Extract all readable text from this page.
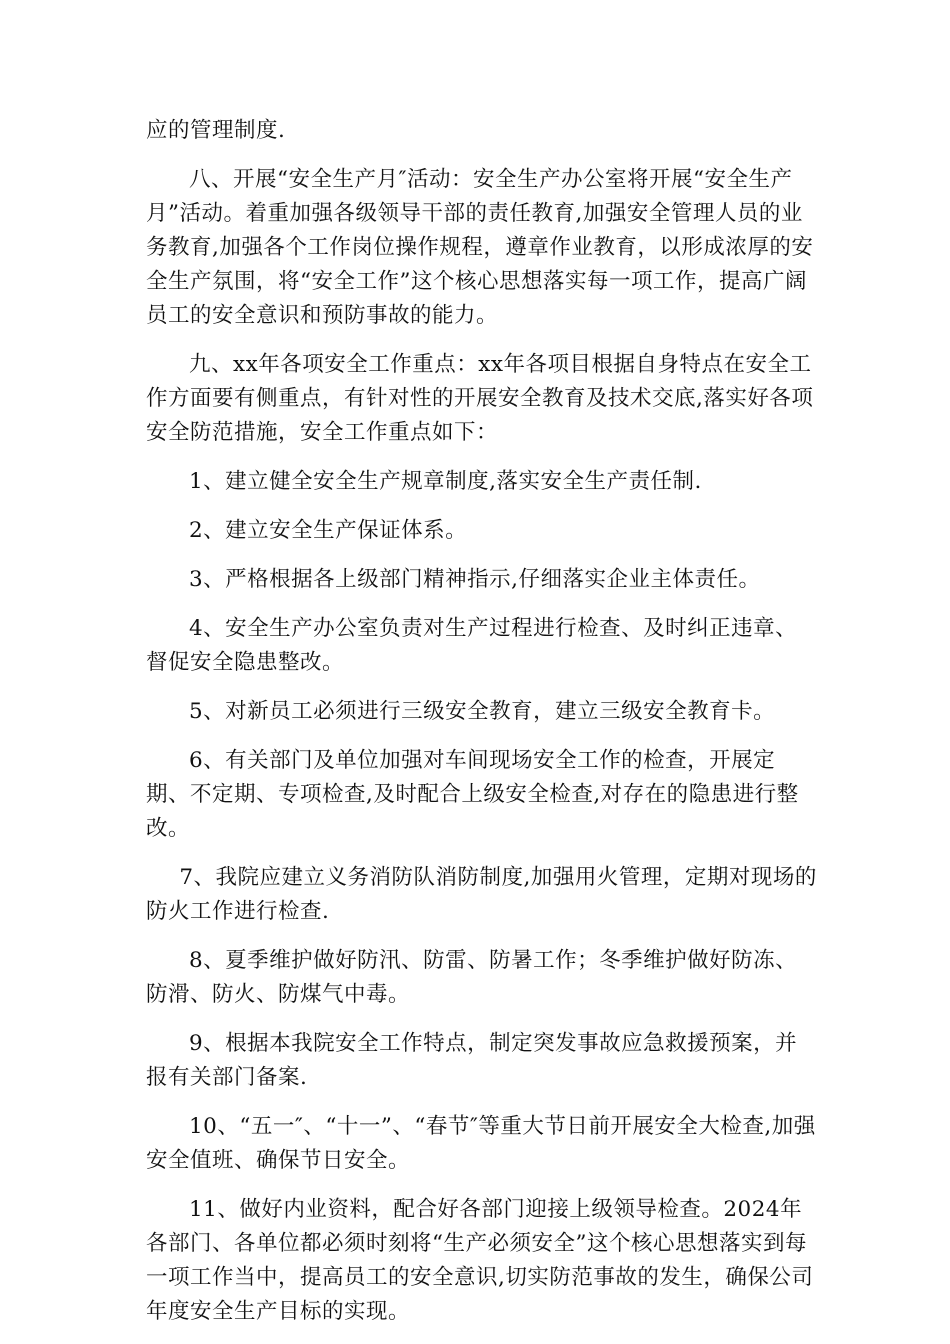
应的管理制度.

八、开展“安全生产月″活动：安全生产办公室将开展“安全生产月”活动。着重加强各级领导干部的责任教育,加强安全管理人员的业务教育,加强各个工作岗位操作规程，遵章作业教育，以形成浓厚的安全生产氛围，将“安全工作”这个核心思想落实每一项工作，提高广阔员工的安全意识和预防事故的能力。

九、xx年各项安全工作重点：xx年各项目根据自身特点在安全工作方面要有侧重点，有针对性的开展安全教育及技术交底,落实好各项安全防范措施，安全工作重点如下：

1、建立健全安全生产规章制度,落实安全生产责任制.

2、建立安全生产保证体系。

3、严格根据各上级部门精神指示,仔细落实企业主体责任。

4、安全生产办公室负责对生产过程进行检查、及时纠正违章、督促安全隐患整改。

5、对新员工必须进行三级安全教育，建立三级安全教育卡。

6、有关部门及单位加强对车间现场安全工作的检查，开展定期、不定期、专项检查,及时配合上级安全检查,对存在的隐患进行整改。

7、我院应建立义务消防队消防制度,加强用火管理，定期对现场的防火工作进行检查.

8、夏季维护做好防汛、防雷、防暑工作；冬季维护做好防冻、防滑、防火、防煤气中毒。

9、根据本我院安全工作特点，制定突发事故应急救援预案，并报有关部门备案.

10、“五一″、“十一”、“春节″等重大节日前开展安全大检查,加强安全值班、确保节日安全。

11、做好内业资料，配合好各部门迎接上级领导检查。2024年各部门、各单位都必须时刻将“生产必须安全”这个核心思想落实到每一项工作当中，提高员工的安全意识,切实防范事故的发生，确保公司年度安全生产目标的实现。
